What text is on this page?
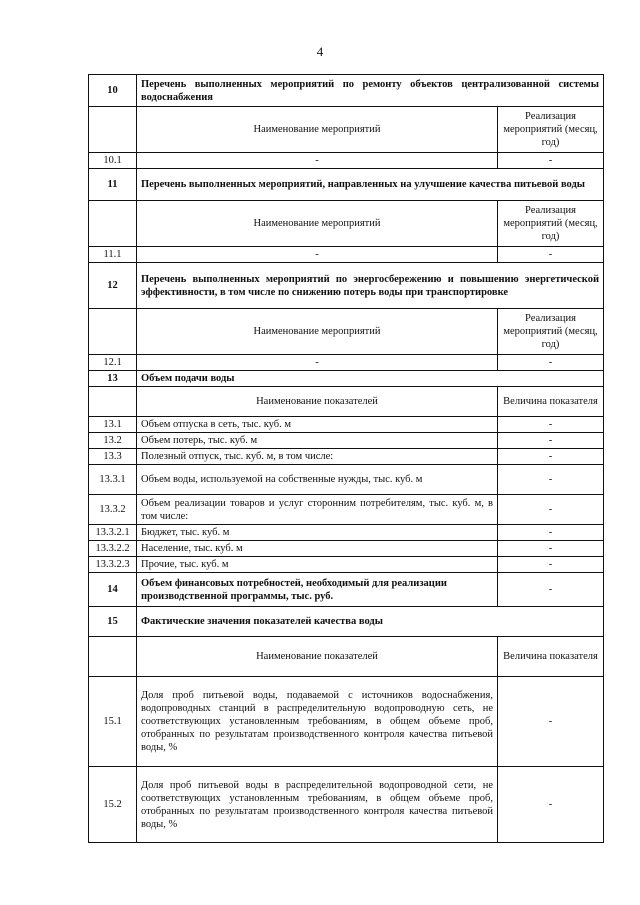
4
10	Перечень выполненных мероприятий по ремонту объектов централизованной системы водоснабжения	
	Наименование мероприятий	Реализация мероприятий (месяц, год)
10.1	-	-
11	Перечень выполненных мероприятий, направленных на улучшение качества питьевой воды	
	Наименование мероприятий	Реализация мероприятий (месяц, год)
11.1	-	-
12	Перечень выполненных мероприятий по энергосбережению и повышению энергетической эффективности, в том числе по снижению потерь воды при транспортировке	
	Наименование мероприятий	Реализация мероприятий (месяц, год)
12.1	-	-
13	Объем подачи воды	
	Наименование показателей	Величина показателя
13.1	Объем отпуска в сеть, тыс. куб. м	-
13.2	Объем потерь, тыс. куб. м	-
13.3	Полезный отпуск, тыс. куб. м, в том числе:	-
13.3.1	Объем воды, используемой на собственные нужды, тыс. куб. м	-
13.3.2	Объем реализации товаров и услуг сторонним потребителям, тыс. куб. м, в том числе:	-
13.3.2.1	Бюджет, тыс. куб. м	-
13.3.2.2	Население, тыс. куб. м	-
13.3.2.3	Прочие, тыс. куб. м	-
14	Объем финансовых потребностей, необходимый для реализации производственной программы, тыс. руб.	-
15	Фактические значения показателей качества воды	
	Наименование показателей	Величина показателя
15.1	Доля проб питьевой воды, подаваемой с источников водоснабжения, водопроводных станций в распределительную водопроводную сеть, не соответствующих установленным требованиям, в общем объеме проб, отобранных по результатам производственного контроля качества питьевой воды, %	-
15.2	Доля проб питьевой воды в распределительной водопроводной сети, не соответствующих установленным требованиям, в общем объеме проб, отобранных по результатам производственного контроля качества питьевой воды, %	-
